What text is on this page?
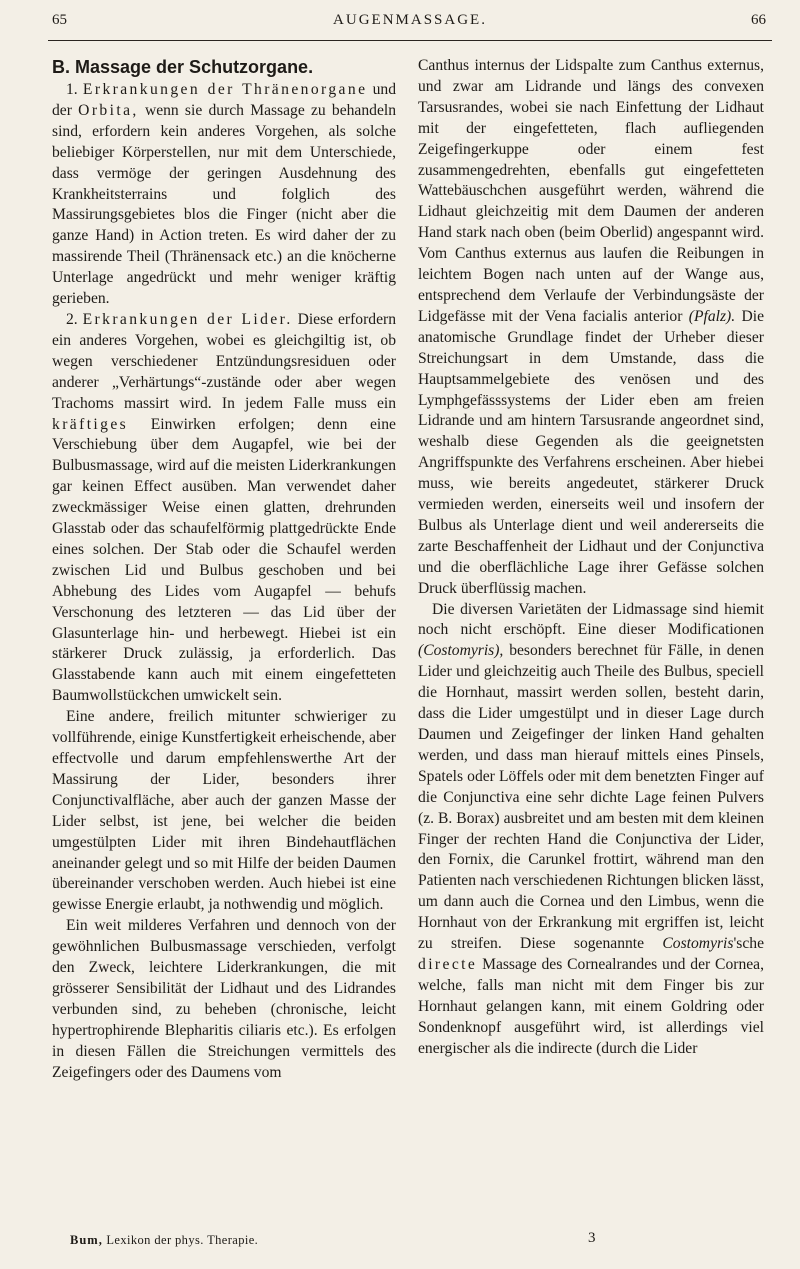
65	AUGENMASSAGE.	66
B. Massage der Schutzorgane.

1. Erkrankungen der Thränenorgane und der Orbita, wenn sie durch Massage zu behandeln sind, erfordern kein anderes Vorgehen, als solche beliebiger Körperstellen, nur mit dem Unterschiede, dass vermöge der geringen Ausdehnung des Krankheitsterrains und folglich des Massirungsgebietes blos die Finger (nicht aber die ganze Hand) in Action treten. Es wird daher der zu massirende Theil (Thränensack etc.) an die knöcherne Unterlage angedrückt und mehr weniger kräftig gerieben.

2. Erkrankungen der Lider. Diese erfordern ein anderes Vorgehen, wobei es gleichgiltig ist, ob wegen verschiedener Entzündungsresiduen oder anderer „Verhärtungs“-zustände oder aber wegen Trachoms massirt wird. In jedem Falle muss ein kräftiges Einwirken erfolgen; denn eine Verschiebung über dem Augapfel, wie bei der Bulbusmassage, wird auf die meisten Liderkrankungen gar keinen Effect ausüben. Man verwendet daher zweckmässiger Weise einen glatten, drehrunden Glasstab oder das schaufelförmig plattgedrückte Ende eines solchen. Der Stab oder die Schaufel werden zwischen Lid und Bulbus geschoben und bei Abhebung des Lides vom Augapfel — behufs Verschonung des letzteren — das Lid über der Glasunterlage hin- und herbewegt. Hiebei ist ein stärkerer Druck zulässig, ja erforderlich. Das Glasstabende kann auch mit einem eingefetteten Baumwollstückchen umwickelt sein.

Eine andere, freilich mitunter schwieriger zu vollführende, einige Kunstfertigkeit erheischende, aber effectvolle und darum empfehlenswerthe Art der Massirung der Lider, besonders ihrer Conjunctivalfläche, aber auch der ganzen Masse der Lider selbst, ist jene, bei welcher die beiden umgestülpten Lider mit ihren Bindehautflächen aneinander gelegt und so mit Hilfe der beiden Daumen übereinander verschoben werden. Auch hiebei ist eine gewisse Energie erlaubt, ja nothwendig und möglich.

Ein weit milderes Verfahren und dennoch von der gewöhnlichen Bulbusmassage verschieden, verfolgt den Zweck, leichtere Liderkrankungen, die mit grösserer Sensibilität der Lidhaut und des Lidrandes verbunden sind, zu beheben (chronische, leicht hypertrophirende Blepharitis ciliaris etc.). Es erfolgen in diesen Fällen die Streichungen vermittels des Zeigefingers oder des Daumens vom

Canthus internus der Lidspalte zum Canthus externus, und zwar am Lidrande und längs des convexen Tarsusrandes, wobei sie nach Einfettung der Lidhaut mit der eingefetteten, flach aufliegenden Zeigefingerkuppe oder einem fest zusammengedrehten, ebenfalls gut eingefetteten Wattebäuschchen ausgeführt werden, während die Lidhaut gleichzeitig mit dem Daumen der anderen Hand stark nach oben (beim Oberlid) angespannt wird. Vom Canthus externus aus laufen die Reibungen in leichtem Bogen nach unten auf der Wange aus, entsprechend dem Verlaufe der Verbindungsäste der Lidgefässe mit der Vena facialis anterior (Pfalz). Die anatomische Grundlage findet der Urheber dieser Streichungsart in dem Umstande, dass die Hauptsammelgebiete des venösen und des Lymphgefässsystems der Lider eben am freien Lidrande und am hintern Tarsusrande angeordnet sind, weshalb diese Gegenden als die geeignetsten Angriffspunkte des Verfahrens erscheinen. Aber hiebei muss, wie bereits angedeutet, stärkerer Druck vermieden werden, einerseits weil und insofern der Bulbus als Unterlage dient und weil andererseits die zarte Beschaffenheit der Lidhaut und der Conjunctiva und die oberflächliche Lage ihrer Gefässe solchen Druck überflüssig machen.

Die diversen Varietäten der Lidmassage sind hiemit noch nicht erschöpft. Eine dieser Modificationen (Costomyris), besonders berechnet für Fälle, in denen Lider und gleichzeitig auch Theile des Bulbus, speciell die Hornhaut, massirt werden sollen, besteht darin, dass die Lider umgestülpt und in dieser Lage durch Daumen und Zeigefinger der linken Hand gehalten werden, und dass man hierauf mittels eines Pinsels, Spatels oder Löffels oder mit dem benetzten Finger auf die Conjunctiva eine sehr dichte Lage feinen Pulvers (z. B. Borax) ausbreitet und am besten mit dem kleinen Finger der rechten Hand die Conjunctiva der Lider, den Fornix, die Carunkel frottirt, während man den Patienten nach verschiedenen Richtungen blicken lässt, um dann auch die Cornea und den Limbus, wenn die Hornhaut von der Erkrankung mit ergriffen ist, leicht zu streifen. Diese sogenannte Costomyris'sche directe Massage des Cornealrandes und der Cornea, welche, falls man nicht mit dem Finger bis zur Hornhaut gelangen kann, mit einem Goldring oder Sondenknopf ausgeführt wird, ist allerdings viel energischer als die indirecte (durch die Lider

Bum, Lexikon der phys. Therapie.	3
